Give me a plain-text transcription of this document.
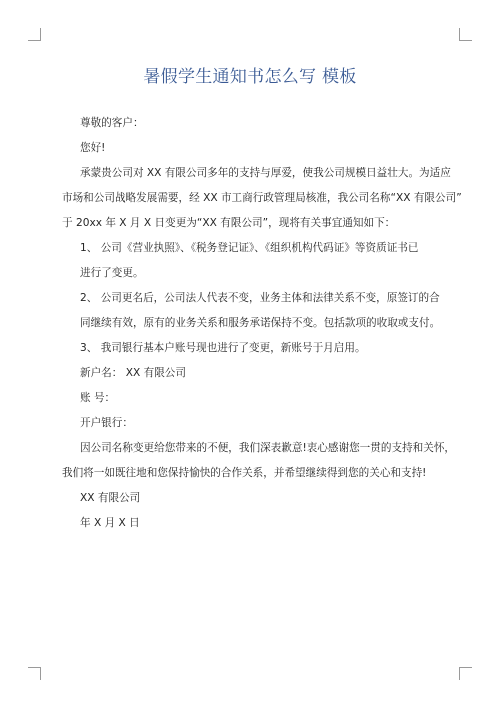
暑假学生通知书怎么写 模板
尊敬的客户：
您好!
承蒙贵公司对 XX 有限公司多年的支持与厚爱，使我公司规模日益壮大。为适应
市场和公司战略发展需要，经 XX 市工商行政管理局核准，我公司名称“XX 有限公司”
于 20xx 年 X 月 X 日变更为“XX 有限公司”，现将有关事宜通知如下：
1、 公司《营业执照》、《税务登记证》、《组织机构代码证》等资质证书已
进行了变更。
2、 公司更名后，公司法人代表不变，业务主体和法律关系不变，原签订的合
同继续有效，原有的业务关系和服务承诺保持不变。包括款项的收取或支付。
3、 我司银行基本户账号现也进行了变更，新账号于月启用。
新户名： XX 有限公司
账 号：
开户银行：
因公司名称变更给您带来的不便，我们深表歉意!衷心感谢您一贯的支持和关怀，
我们将一如既往地和您保持愉快的合作关系，并希望继续得到您的关心和支持!
XX 有限公司
年 X 月 X 日
